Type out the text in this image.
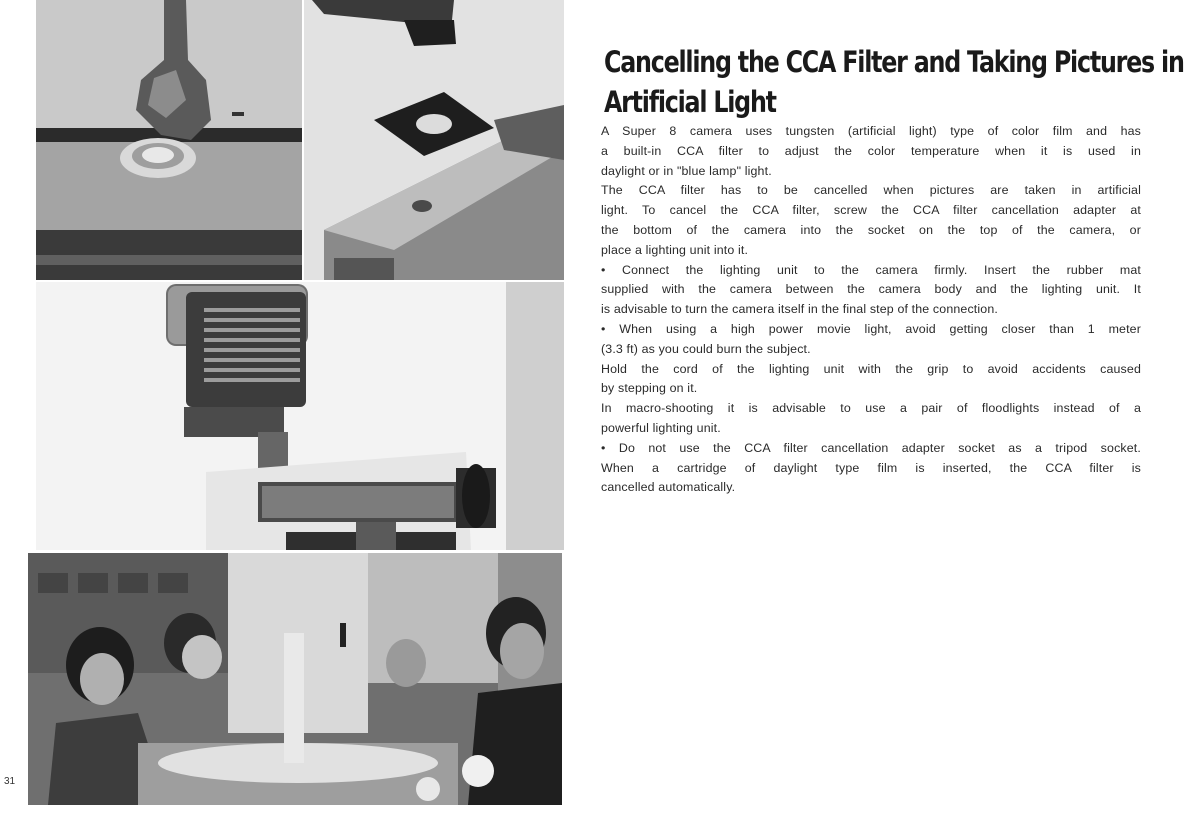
31
Cancelling the CCA Filter and Taking Pictures in
Artificial Light
A Super 8 camera uses tungsten (artificial light) type of color film and has
a built-in CCA filter to adjust the color temperature when it is used in
daylight or in "blue lamp" light.
The CCA filter has to be cancelled when pictures are taken in artificial
light. To cancel the CCA filter, screw the CCA filter cancellation adapter at
the bottom of the camera into the socket on the top of the camera, or
place a lighting unit into it.
• Connect the lighting unit to the camera firmly. Insert the rubber mat
supplied with the camera between the camera body and the lighting unit. It
is advisable to turn the camera itself in the final step of the connection.
• When using a high power movie light, avoid getting closer than 1 meter
(3.3 ft) as you could burn the subject.
Hold the cord of the lighting unit with the grip to avoid accidents caused
by stepping on it.
In macro-shooting it is advisable to use a pair of floodlights instead of a
powerful lighting unit.
• Do not use the CCA filter cancellation adapter socket as a tripod socket.
When a cartridge of daylight type film is inserted, the CCA filter is
cancelled automatically.
